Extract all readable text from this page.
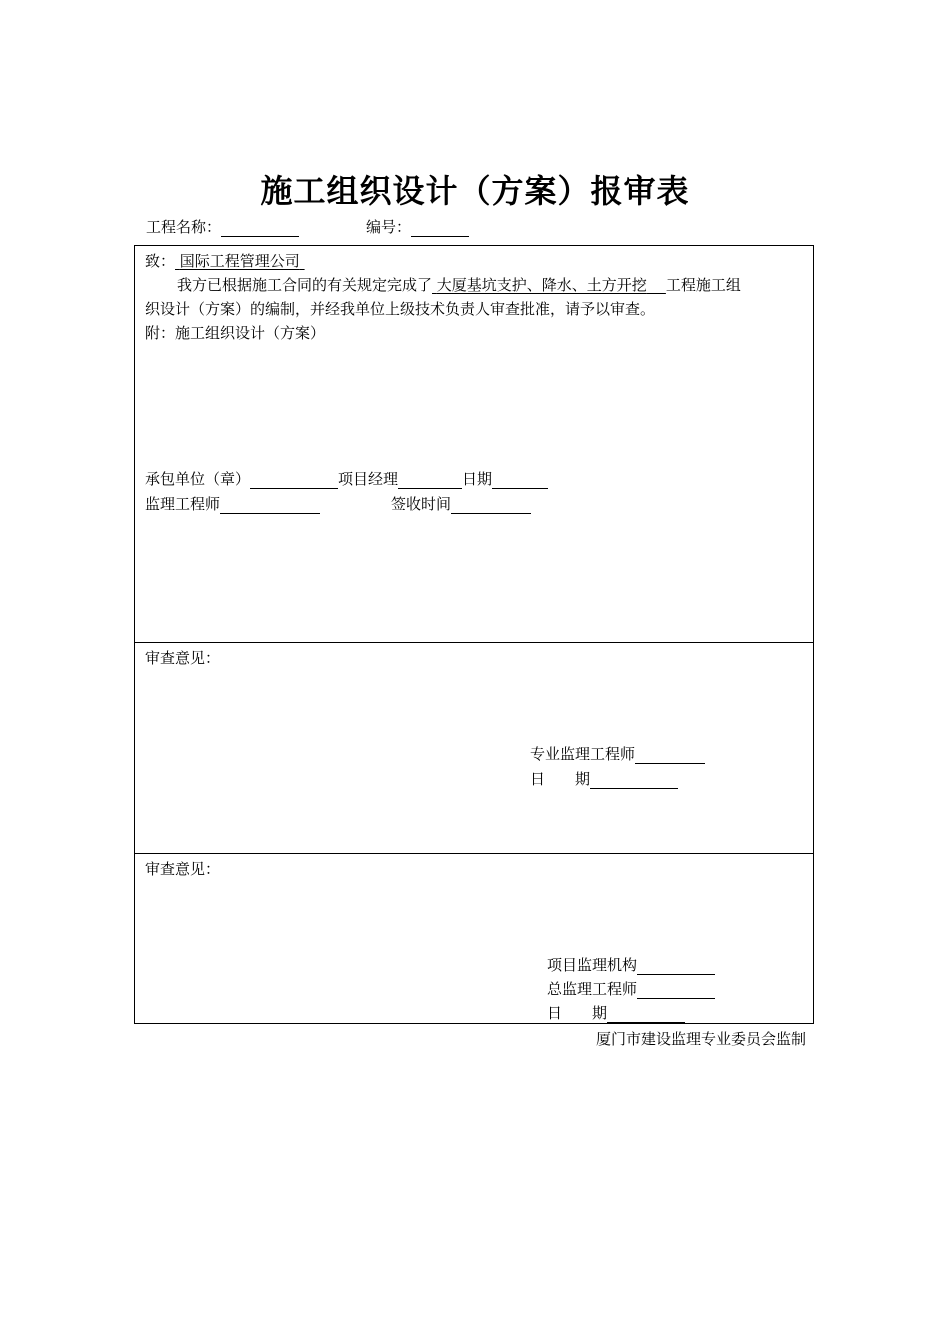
施工组织设计（方案）报审表
工程名称：	编号：
致： 国际工程管理公司
我方已根据施工合同的有关规定完成了 大厦基坑支护、降水、土方开挖 工程施工组
织设计（方案）的编制，并经我单位上级技术负责人审查批准，请予以审查。
附：施工组织设计（方案）
承包单位（章）	项目经理	日期
监理工程师	签收时间
审查意见：
专业监理工程师
日　　期
审查意见：
项目监理机构
总监理工程师
日　　期
厦门市建设监理专业委员会监制
